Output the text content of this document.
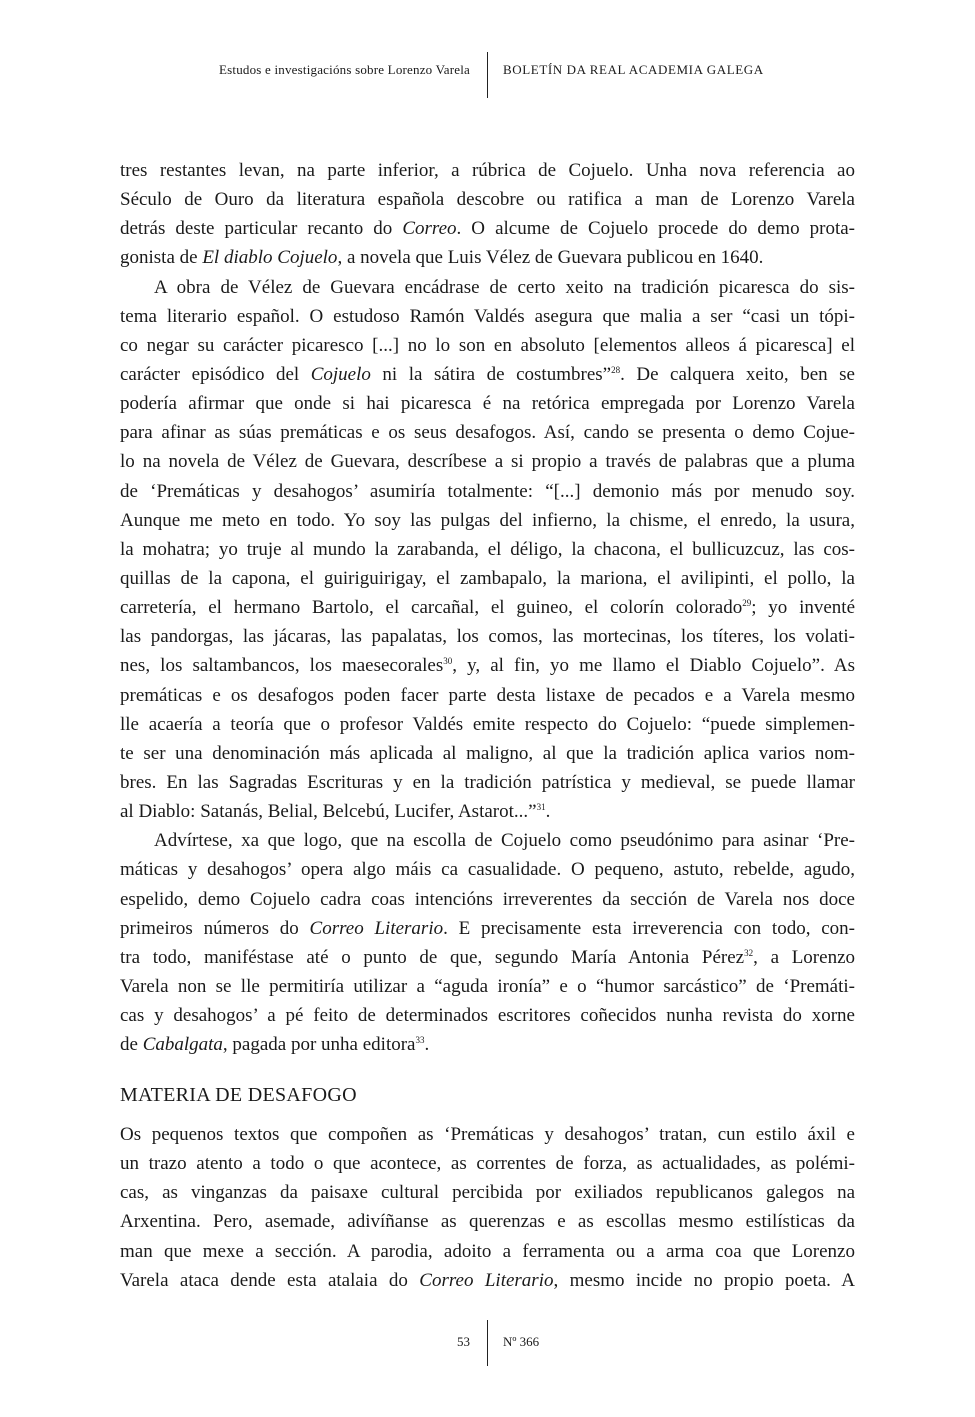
Estudos e investigacións sobre Lorenzo Varela	BOLETÍN DA REAL ACADEMIA GALEGA
tres restantes levan, na parte inferior, a rúbrica de Cojuelo. Unha nova referencia ao
Século de Ouro da literatura española descobre ou ratifica a man de Lorenzo Varela
detrás deste particular recanto do Correo. O alcume de Cojuelo procede do demo prota-
gonista de El diablo Cojuelo, a novela que Luis Vélez de Guevara publicou en 1640.
A obra de Vélez de Guevara encádrase de certo xeito na tradición picaresca do sis-
tema literario español. O estudoso Ramón Valdés asegura que malia a ser “casi un tópi-
co negar su carácter picaresco [...] no lo son en absoluto [elementos alleos á picaresca] el
carácter episódico del Cojuelo ni la sátira de costumbres”$^{28}$. De calquera xeito, ben se
podería afirmar que onde si hai picaresca é na retórica empregada por Lorenzo Varela
para afinar as súas premáticas e os seus desafogos. Así, cando se presenta o demo Cojue-
lo na novela de Vélez de Guevara, descríbese a si propio a través de palabras que a pluma
de ‘Premáticas y desahogos’ asumiría totalmente: “[...] demonio más por menudo soy.
Aunque me meto en todo. Yo soy las pulgas del infierno, la chisme, el enredo, la usura,
la mohatra; yo truje al mundo la zarabanda, el déligo, la chacona, el bullicuzcuz, las cos-
quillas de la capona, el guiriguirigay, el zambapalo, la mariona, el avilipinti, el pollo, la
carretería, el hermano Bartolo, el carcañal, el guineo, el colorín colorado$^{29}$; yo inventé
las pandorgas, las jácaras, las papalatas, los comos, las mortecinas, los títeres, los volati-
nes, los saltambancos, los maesecorales$^{30}$, y, al fin, yo me llamo el Diablo Cojuelo”. As
premáticas e os desafogos poden facer parte desta listaxe de pecados e a Varela mesmo
lle acaería a teoría que o profesor Valdés emite respecto do Cojuelo: “puede simplemen-
te ser una denominación más aplicada al maligno, al que la tradición aplica varios nom-
bres. En las Sagradas Escrituras y en la tradición patrística y medieval, se puede llamar
al Diablo: Satanás, Belial, Belcebú, Lucifer, Astarot...”$^{31}$.
Advírtese, xa que logo, que na escolla de Cojuelo como pseudónimo para asinar ‘Pre-
máticas y desahogos’ opera algo máis ca casualidade. O pequeno, astuto, rebelde, agudo,
espelido, demo Cojuelo cadra coas intencións irreverentes da sección de Varela nos doce
primeiros números do Correo Literario. E precisamente esta irreverencia con todo, con-
tra todo, maniféstase até o punto de que, segundo María Antonia Pérez$^{32}$, a Lorenzo
Varela non se lle permitiría utilizar a “aguda ironía” e o “humor sarcástico” de ‘Premáti-
cas y desahogos’ a pé feito de determinados escritores coñecidos nunha revista do xorne
de Cabalgata, pagada por unha editora$^{33}$.
MATERIA DE DESAFOGO
Os pequenos textos que compoñen as ‘Premáticas y desahogos’ tratan, cun estilo áxil e
un trazo atento a todo o que acontece, as correntes de forza, as actualidades, as polémi-
cas, as vinganzas da paisaxe cultural percibida por exiliados republicanos galegos na
Arxentina. Pero, asemade, adivíñanse as querenzas e as escollas mesmo estilísticas da
man que mexe a sección. A parodia, adoito a ferramenta ou a arma coa que Lorenzo
Varela ataca dende esta atalaia do Correo Literario, mesmo incide no propio poeta. A
53	Nº 366
